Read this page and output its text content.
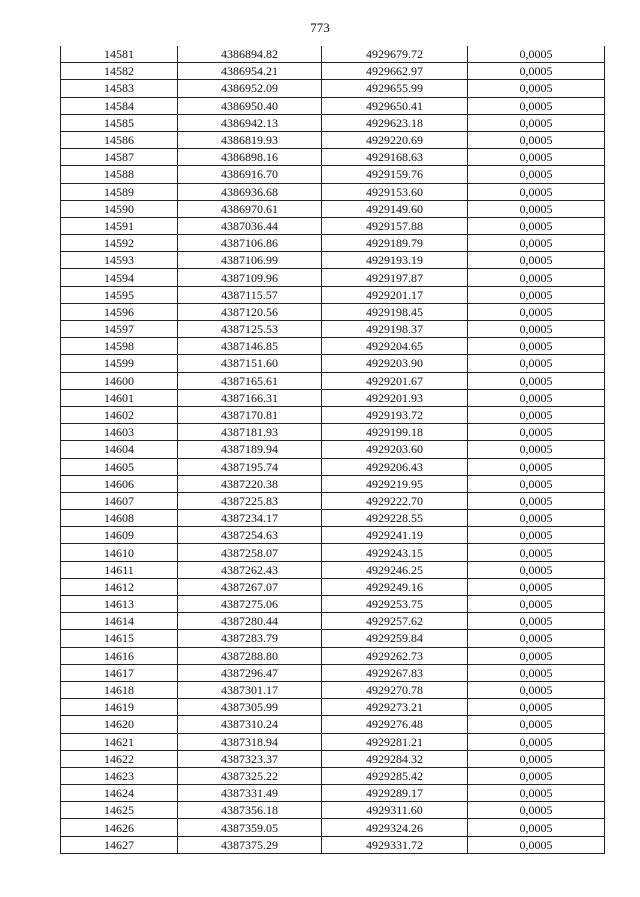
773
14581	4386894.82	4929679.72	0,0005
14582	4386954.21	4929662.97	0,0005
14583	4386952.09	4929655.99	0,0005
14584	4386950.40	4929650.41	0,0005
14585	4386942.13	4929623.18	0,0005
14586	4386819.93	4929220.69	0,0005
14587	4386898.16	4929168.63	0,0005
14588	4386916.70	4929159.76	0,0005
14589	4386936.68	4929153.60	0,0005
14590	4386970.61	4929149.60	0,0005
14591	4387036.44	4929157.88	0,0005
14592	4387106.86	4929189.79	0,0005
14593	4387106.99	4929193.19	0,0005
14594	4387109.96	4929197.87	0,0005
14595	4387115.57	4929201.17	0,0005
14596	4387120.56	4929198.45	0,0005
14597	4387125.53	4929198.37	0,0005
14598	4387146.85	4929204.65	0,0005
14599	4387151.60	4929203.90	0,0005
14600	4387165.61	4929201.67	0,0005
14601	4387166.31	4929201.93	0,0005
14602	4387170.81	4929193.72	0,0005
14603	4387181.93	4929199.18	0,0005
14604	4387189.94	4929203.60	0,0005
14605	4387195.74	4929206.43	0,0005
14606	4387220.38	4929219.95	0,0005
14607	4387225.83	4929222.70	0,0005
14608	4387234.17	4929228.55	0,0005
14609	4387254.63	4929241.19	0,0005
14610	4387258.07	4929243.15	0,0005
14611	4387262.43	4929246.25	0,0005
14612	4387267.07	4929249.16	0,0005
14613	4387275.06	4929253.75	0,0005
14614	4387280.44	4929257.62	0,0005
14615	4387283.79	4929259.84	0,0005
14616	4387288.80	4929262.73	0,0005
14617	4387296.47	4929267.83	0,0005
14618	4387301.17	4929270.78	0,0005
14619	4387305.99	4929273.21	0,0005
14620	4387310.24	4929276.48	0,0005
14621	4387318.94	4929281.21	0,0005
14622	4387323.37	4929284.32	0,0005
14623	4387325.22	4929285.42	0,0005
14624	4387331.49	4929289.17	0,0005
14625	4387356.18	4929311.60	0,0005
14626	4387359.05	4929324.26	0,0005
14627	4387375.29	4929331.72	0,0005
